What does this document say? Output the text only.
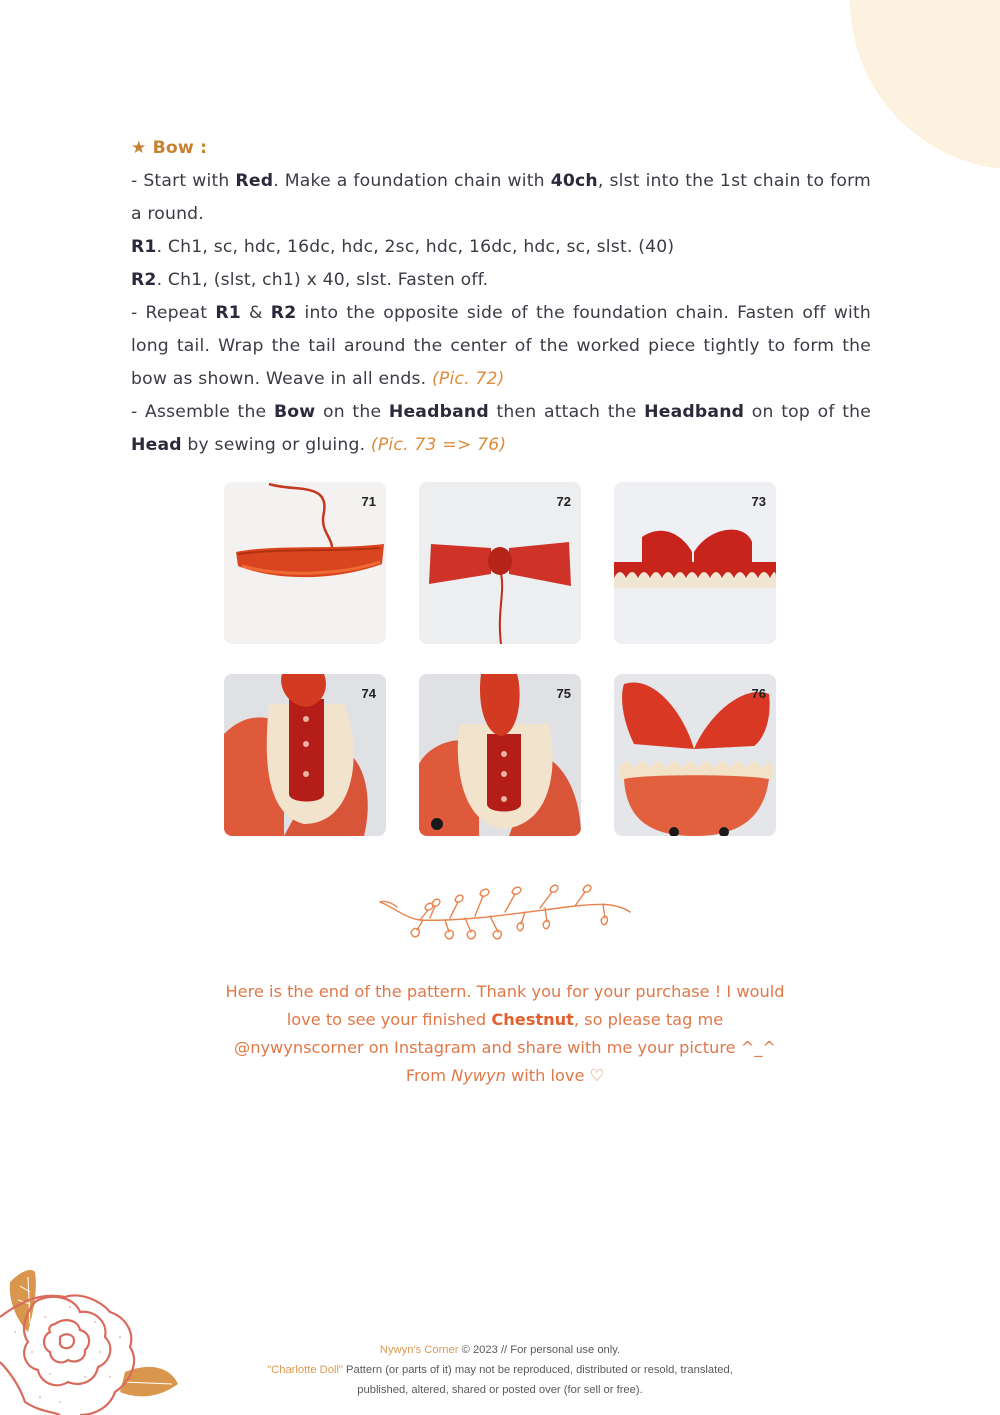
★ Bow :

- Start with Red. Make a foundation chain with 40ch, slst into the 1st chain to form a round.

R1. Ch1, sc, hdc, 16dc, hdc, 2sc, hdc, 16dc, hdc, sc, slst. (40)

R2. Ch1, (slst, ch1) x 40, slst. Fasten off.

- Repeat R1 & R2 into the opposite side of the foundation chain. Fasten off with long tail. Wrap the tail around the center of the worked piece tightly to form the bow as shown. Weave in all ends. (Pic. 72)

- Assemble the Bow on the Headband then attach the Headband on top of the Head by sewing or gluing. (Pic. 73 => 76)

71	72	73
74	75	76
Here is the end of the pattern. Thank you for your purchase ! I would love to see your finished Chestnut, so please tag me @nywynscorner on Instagram and share with me your picture ^_^
From Nywyn with love ♡
Nywyn's Corner © 2023 // For personal use only.
"Charlotte Doll" Pattern (or parts of it) may not be reproduced, distributed or resold, translated,
published, altered, shared or posted over (for sell or free).
